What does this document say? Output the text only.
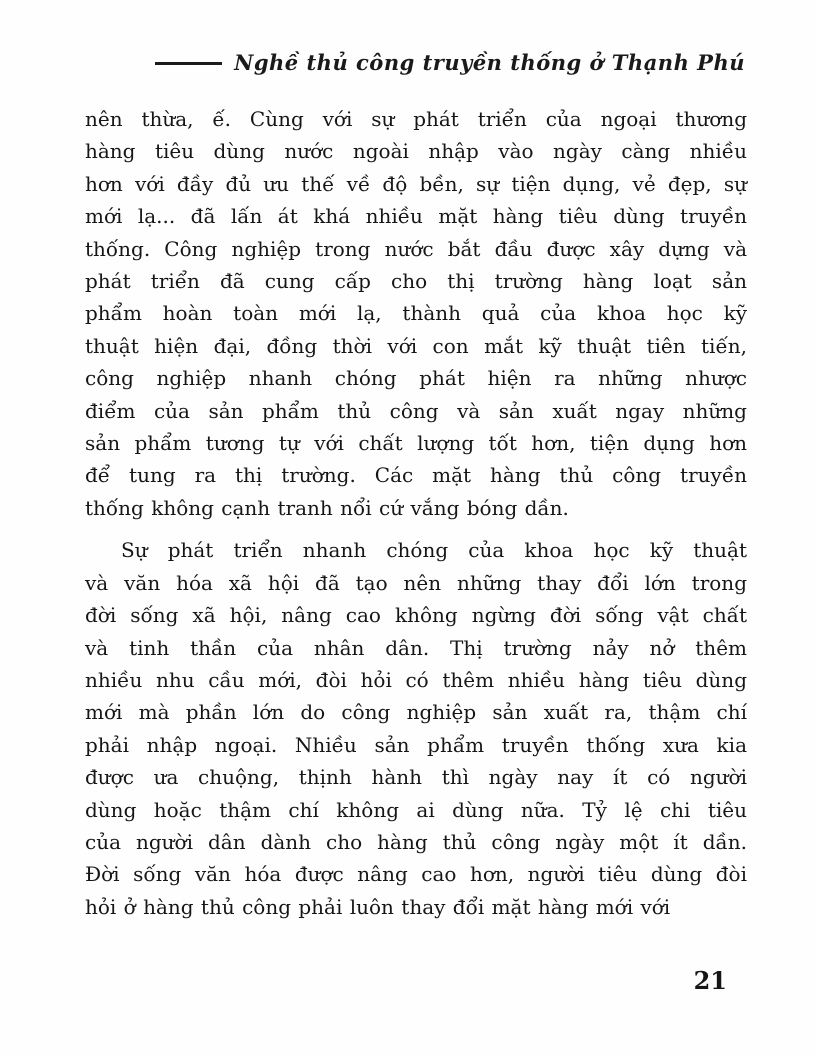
Nghề thủ công truyền thống ở Thạnh Phú
nên thừa, ế. Cùng với sự phát triển của ngoại thương
hàng tiêu dùng nước ngoài nhập vào ngày càng nhiều
hơn với đầy đủ ưu thế về độ bền, sự tiện dụng, vẻ đẹp, sự
mới lạ... đã lấn át khá nhiều mặt hàng tiêu dùng truyền
thống. Công nghiệp trong nước bắt đầu được xây dựng và
phát triển đã cung cấp cho thị trường hàng loạt sản
phẩm hoàn toàn mới lạ, thành quả của khoa học kỹ
thuật hiện đại, đồng thời với con mắt kỹ thuật tiên tiến,
công nghiệp nhanh chóng phát hiện ra những nhược
điểm của sản phẩm thủ công và sản xuất ngay những
sản phẩm tương tự với chất lượng tốt hơn, tiện dụng hơn
để tung ra thị trường. Các mặt hàng thủ công truyền
thống không cạnh tranh nổi cứ vắng bóng dần.
Sự phát triển nhanh chóng của khoa học kỹ thuật
và văn hóa xã hội đã tạo nên những thay đổi lớn trong
đời sống xã hội, nâng cao không ngừng đời sống vật chất
và tinh thần của nhân dân. Thị trường nảy nở thêm
nhiều nhu cầu mới, đòi hỏi có thêm nhiều hàng tiêu dùng
mới mà phần lớn do công nghiệp sản xuất ra, thậm chí
phải nhập ngoại. Nhiều sản phẩm truyền thống xưa kia
được ưa chuộng, thịnh hành thì ngày nay ít có người
dùng hoặc thậm chí không ai dùng nữa. Tỷ lệ chi tiêu
của người dân dành cho hàng thủ công ngày một ít dần.
Đời sống văn hóa được nâng cao hơn, người tiêu dùng đòi
hỏi ở hàng thủ công phải luôn thay đổi mặt hàng mới với
21
